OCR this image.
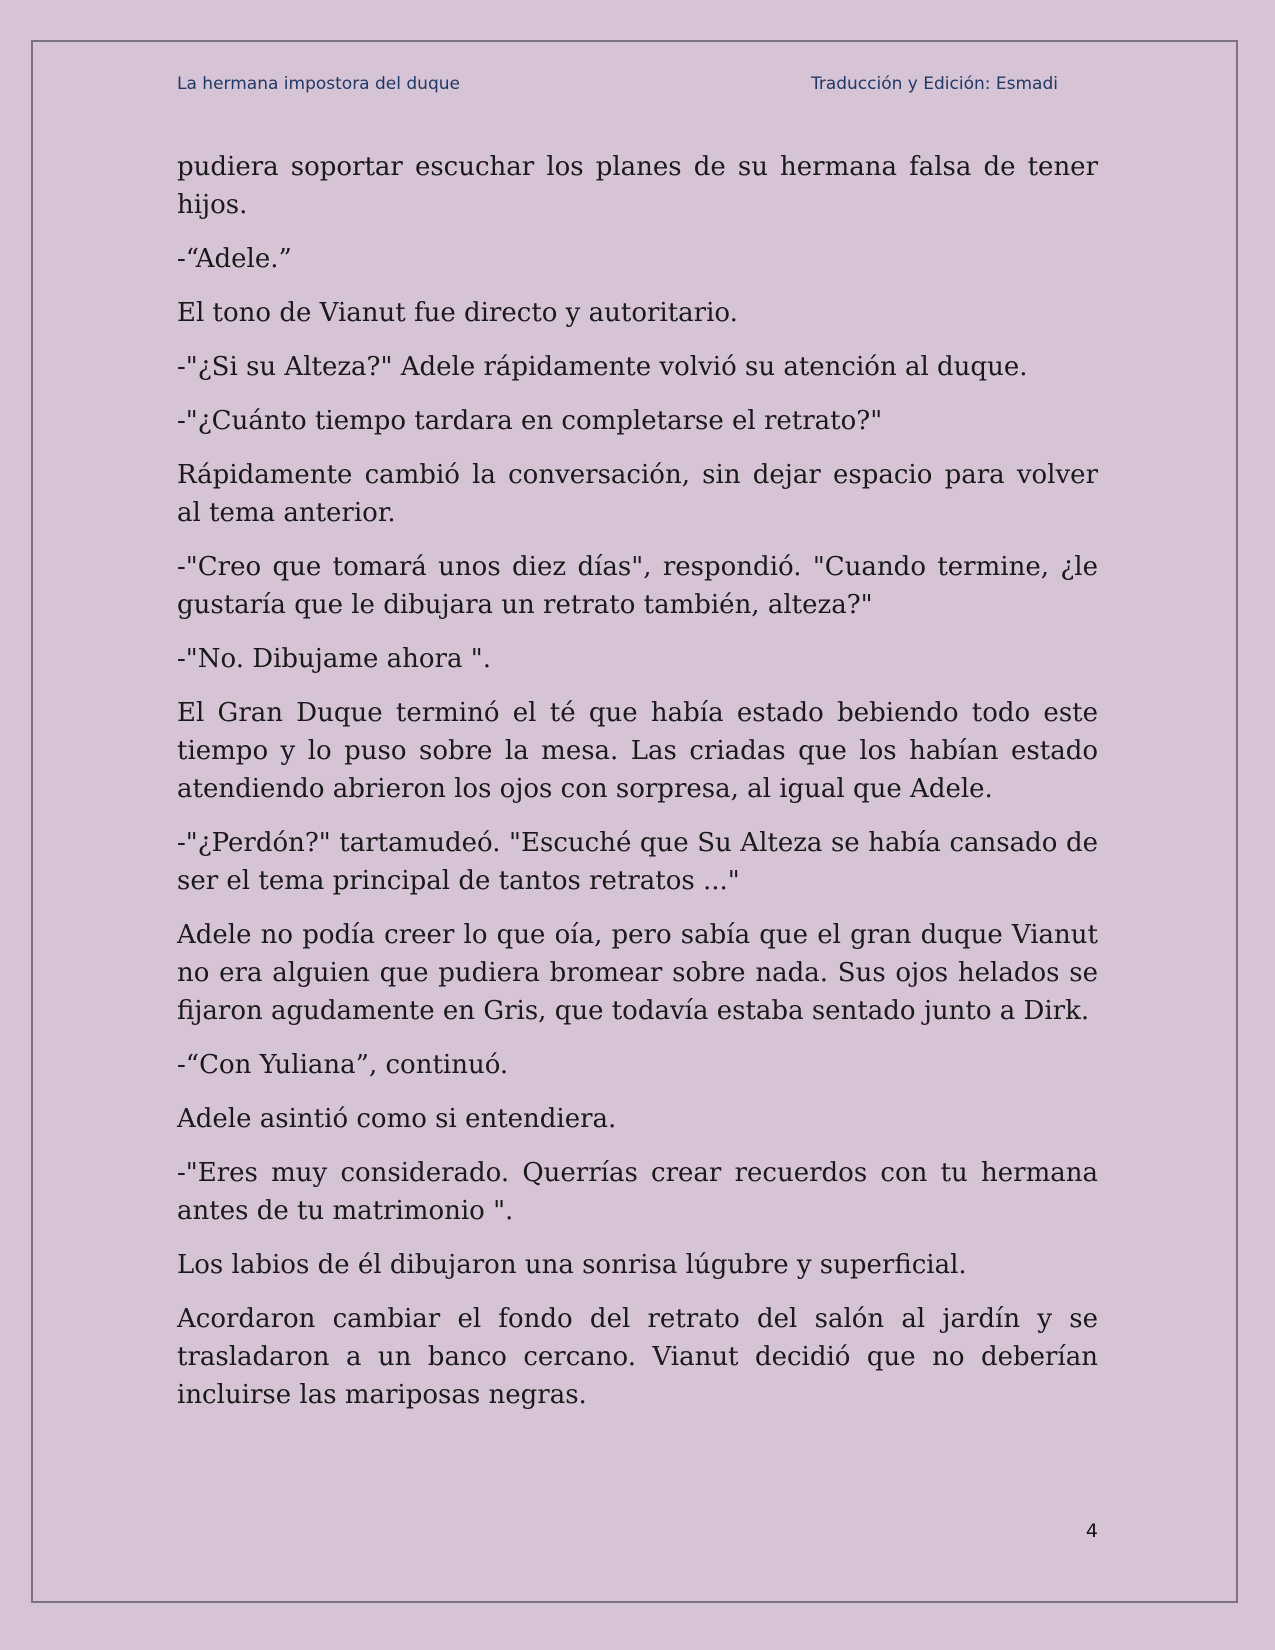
La hermana impostora del duque	Traducción y Edición: Esmadi

pudiera soportar escuchar los planes de su hermana falsa de tener hijos.

-“Adele.”

El tono de Vianut fue directo y autoritario.

-"¿Si su Alteza?" Adele rápidamente volvió su atención al duque.

-"¿Cuánto tiempo tardara en completarse el retrato?"

Rápidamente cambió la conversación, sin dejar espacio para volver al tema anterior.

-"Creo que tomará unos diez días", respondió. "Cuando termine, ¿le gustaría que le dibujara un retrato también, alteza?"

-"No. Dibujame ahora ".

El Gran Duque terminó el té que había estado bebiendo todo este tiempo y lo puso sobre la mesa. Las criadas que los habían estado atendiendo abrieron los ojos con sorpresa, al igual que Adele.

-"¿Perdón?" tartamudeó. "Escuché que Su Alteza se había cansado de ser el tema principal de tantos retratos ..."

Adele no podía creer lo que oía, pero sabía que el gran duque Vianut no era alguien que pudiera bromear sobre nada. Sus ojos helados se fijaron agudamente en Gris, que todavía estaba sentado junto a Dirk.

-“Con Yuliana”, continuó.

Adele asintió como si entendiera.

-"Eres muy considerado. Querrías crear recuerdos con tu hermana antes de tu matrimonio ".

Los labios de él dibujaron una sonrisa lúgubre y superficial.

Acordaron cambiar el fondo del retrato del salón al jardín y se trasladaron a un banco cercano. Vianut decidió que no deberían incluirse las mariposas negras.

4
